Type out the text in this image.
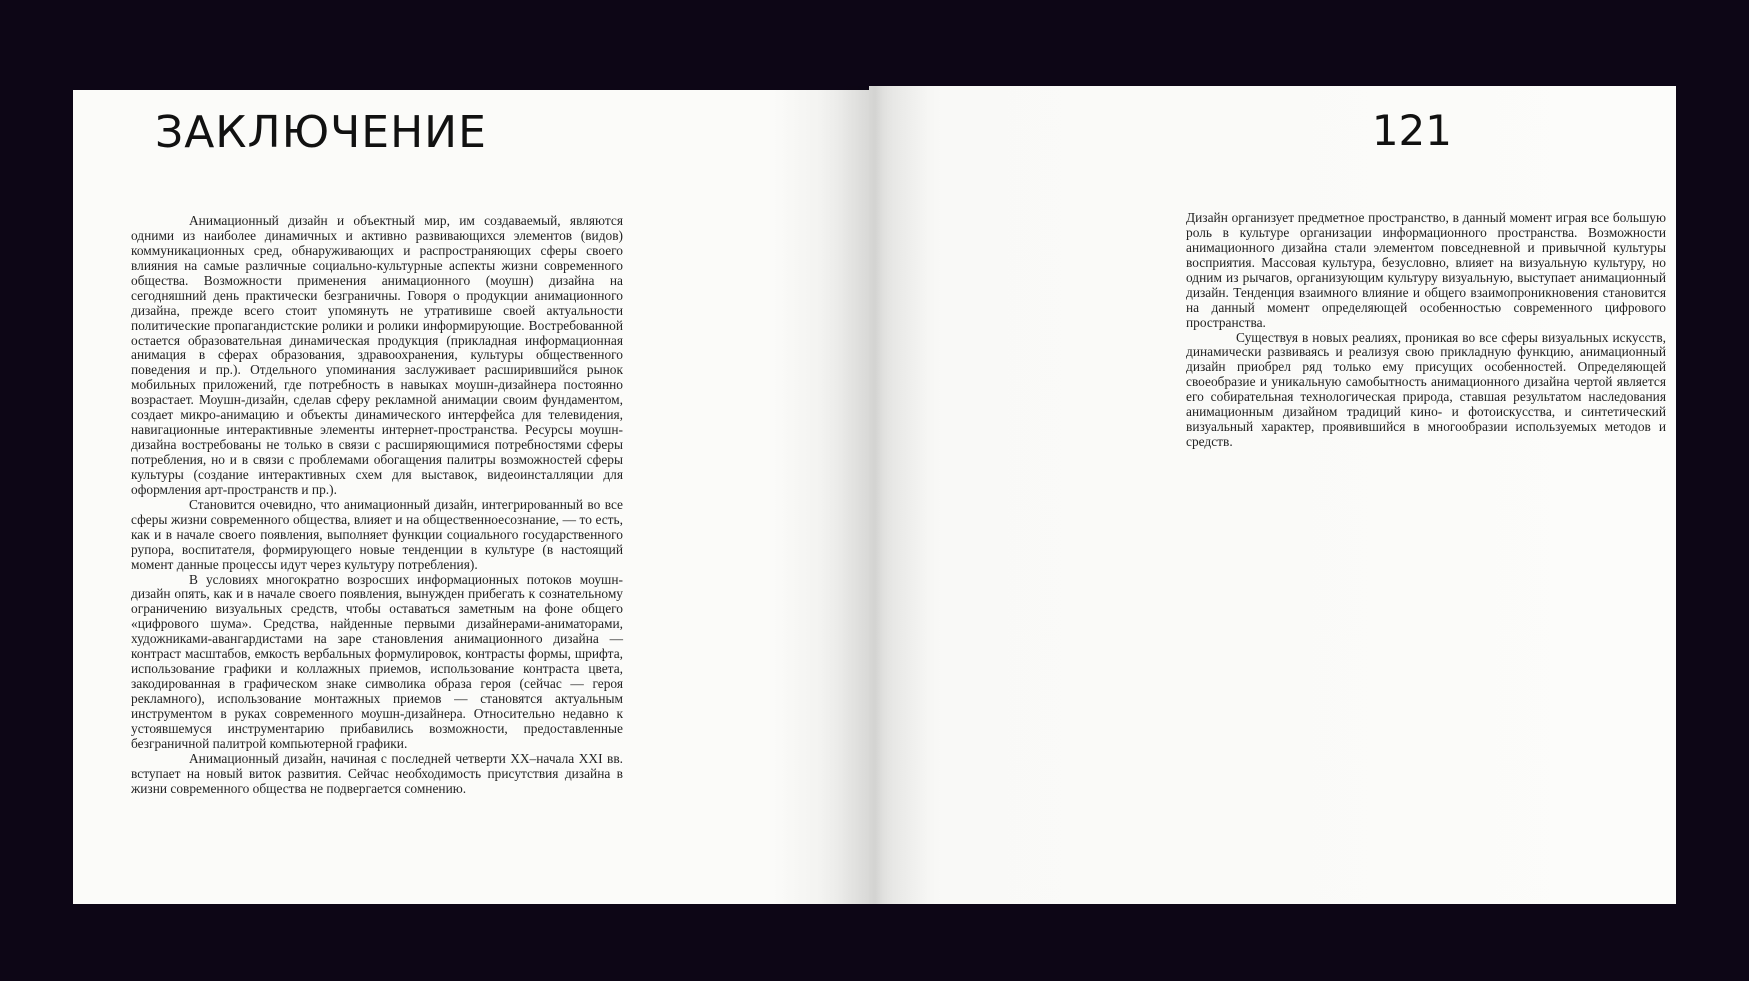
ЗАКЛЮЧЕНИЕ

Анимационный дизайн и объектный мир, им создаваемый, являются одними из наиболее динамичных и активно развивающихся элементов (видов) коммуникационных сред, обнаруживающих и распространяющих сферы своего влияния на самые различные социально-культурные аспекты жизни современного общества. Возможности применения анимационного (моушн) дизайна на сегодняшний день практически безграничны. Говоря о продукции анимационного дизайна, прежде всего стоит упомянуть не утративише своей актуальности политические пропагандистские ролики и ролики информирующие. Востребованной остается образовательная динамическая продукция (прикладная информационная анимация в сферах образования, здравоохранения, культуры общественного поведения и пр.). Отдельного упоминания заслуживает расширившийся рынок мобильных приложений, где потребность в навыках моушн-дизайнера постоянно возрастает. Моушн-дизайн, сделав сферу рекламной анимации своим фундаментом, создает микро-анимацию и объекты динамического интерфейса для телевидения, навигационные интерактивные элементы интернет-пространства. Ресурсы моушн-дизайна востребованы не только в связи с расширяющимися потребностями сферы потребления, но и в связи с проблемами обогащения палитры возможностей сферы культуры (создание интерактивных схем для выставок, видеоинсталляции для оформления арт-пространств и пр.).

Становится очевидно, что анимационный дизайн, интегрированный во все сферы жизни современного общества, влияет и на общественноесознание, — то есть, как и в начале своего появления, выполняет функции социального государственного рупора, воспитателя, формирующего новые тенденции в культуре (в настоящий момент данные процессы идут через культуру потребления).

В условиях многократно возросших информационных потоков моушн-дизайн опять, как и в начале своего появления, вынужден прибегать к сознательному ограничению визуальных средств, чтобы оставаться заметным на фоне общего «цифрового шума». Средства, найденные первыми дизайнерами-аниматорами, художниками-авангардистами на заре становления анимационного дизайна — контраст масштабов, емкость вербальных формулировок, контрасты формы, шрифта, использование графики и коллажных приемов, использование контраста цвета, закодированная в графическом знаке символика образа героя (сейчас — героя рекламного), использование монтажных приемов — становятся актуальным инструментом в руках современного моушн-дизайнера. Относительно недавно к устоявшемуся инструментарию прибавились возможности, предоставленные безграничной палитрой компьютерной графики.

Анимационный дизайн, начиная с последней четверти XX–начала XXI вв. вступает на новый виток развития. Сейчас необходимость присутствия дизайна в жизни современного общества не подвергается сомнению.

121

Дизайн организует предметное пространство, в данный момент играя все большую роль в культуре организации информационного пространства. Возможности анимационного дизайна стали элементом повседневной и привычной культуры восприятия. Массовая культура, безусловно, влияет на визуальную культуру, но одним из рычагов, организующим культуру визуальную, выступает анимационный дизайн. Тенденция взаимного влияние и общего взаимопроникновения становится на данный момент определяющей особенностью современного цифрового пространства.

Существуя в новых реалиях, проникая во все сферы визуальных искусств, динамически развиваясь и реализуя свою прикладную функцию, анимационный дизайн приобрел ряд только ему присущих особенностей. Определяющей своеобразие и уникальную самобытность анимационного дизайна чертой является его собирательная технологическая природа, ставшая результатом наследования анимационным дизайном традиций кино- и фотоискусства, и синтетический визуальный характер, проявившийся в многообразии используемых методов и средств.
